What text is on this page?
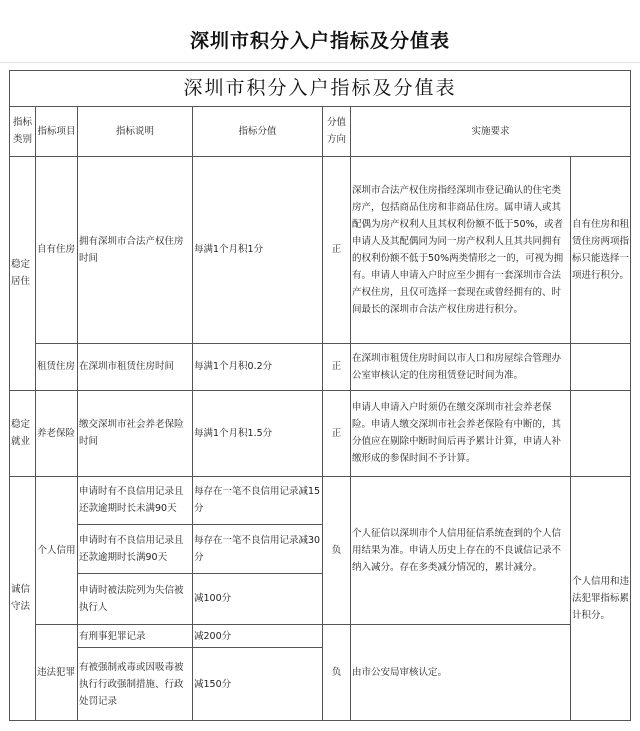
深圳市积分入户指标及分值表
深圳市积分入户指标及分值表						
指标类别	指标项目	指标说明	指标分值	分值方向	实施要求	
稳定居住	自有住房	拥有深圳市合法产权住房时间	每满1个月积1分	正	深圳市合法产权住房指经深圳市登记确认的住宅类房产，包括商品住房和非商品住房。属申请人或其配偶为房产权利人且其权利份额不低于50%，或者申请人及其配偶同为同一房产权利人且其共同拥有的权利份额不低于50%两类情形之一的，可视为拥有。申请人申请入户时应至少拥有一套深圳市合法产权住房，且仅可选择一套现在或曾经拥有的、时间最长的深圳市合法产权住房进行积分。	自有住房和租赁住房两项指标只能选择一项进行积分。
	租赁住房	在深圳市租赁住房时间	每满1个月积0.2分	正	在深圳市租赁住房时间以市人口和房屋综合管理办公室审核认定的住房租赁登记时间为准。	
稳定就业	养老保险	缴交深圳市社会养老保险时间	每满1个月积1.5分	正	申请人申请入户时须仍在缴交深圳市社会养老保险。申请人缴交深圳市社会养老保险有中断的，其分值应在剔除中断时间后再予累计计算，申请人补缴形成的参保时间不予计算。	
诚信守法	个人信用	申请时有不良信用记录且还款逾期时长未满90天	每存在一笔不良信用记录减15分	负	个人征信以深圳市个人信用征信系统查到的个人信用结果为准。申请人历史上存在的不良诚信记录不纳入减分。存在多类减分情况的，累计减分。	个人信用和违法犯罪指标累计积分。
		申请时有不良信用记录且还款逾期时长满90天	每存在一笔不良信用记录减30分			
		申请时被法院列为失信被执行人	减100分			
	违法犯罪	有刑事犯罪记录	减200分	负	由市公安局审核认定。	
		有被强制戒毒或因吸毒被执行行政强制措施、行政处罚记录	减150分			
